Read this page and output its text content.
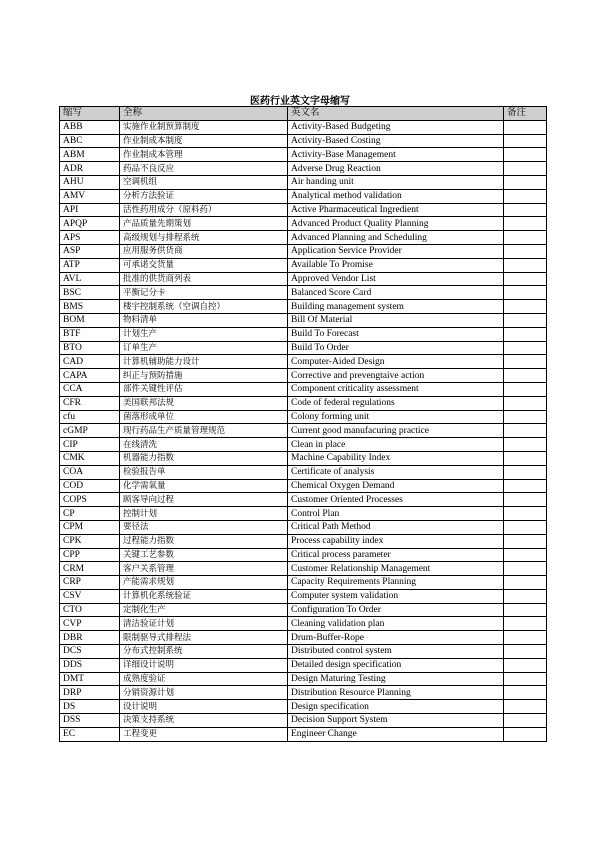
医药行业英文字母缩写
缩写	全称	英文名	备注
ABB	实施作业制预算制度	Activity-Based Budgeting	
ABC	作业制成本制度	Activity-Based Costing	
ABM	作业制成本管理	Activity-Base Management	
ADR	药品不良反应	Adverse Drug Reaction	
AHU	空调机组	Air handing unit	
AMV	分析方法验证	Analytical method validation	
API	活性药用成分（原料药）	Active Pharmaceutical Ingredient	
APQP	产品质量先期策划	Advanced Product Quality Planning	
APS	高级规划与排程系统	Advanced Planning and Scheduling	
ASP	应用服务供货商	Application Service Provider	
ATP	可承诺交货量	Available To Promise	
AVL	批准的供货商列表	Approved Vendor List	
BSC	平衡记分卡	Balanced Score Card	
BMS	楼宇控制系统（空调自控）	Building management system	
BOM	物料清单	Bill Of Material	
BTF	计划生产	Build To Forecast	
BTO	订单生产	Build To Order	
CAD	计算机辅助能力设计	Computer-Aided Design	
CAPA	纠正与预防措施	Corrective and prevengtaive action	
CCA	部件关键性评估	Component criticality assessment	
CFR	美国联邦法规	Code of federal regulations	
cfu	菌落形成单位	Colony forming unit	
cGMP	现行药品生产质量管理规范	Current good manufacuring practice	
CIP	在线清洗	Clean in place	
CMK	机器能力指数	Machine Capability Index	
COA	检验报告单	Certificate of analysis	
COD	化学需氧量	Chemical Oxygen Demand	
COPS	顾客导向过程	Customer Oriented Processes	
CP	控制计划	Control Plan	
CPM	要径法	Critical Path Method	
CPK	过程能力指数	Process capability index	
CPP	关键工艺参数	Critical process parameter	
CRM	客户关系管理	Customer Relationship Management	
CRP	产能需求规划	Capacity Requirements Planning	
CSV	计算机化系统验证	Computer system validation	
CTO	定制化生产	Configuration To Order	
CVP	清洁验证计划	Cleaning validation plan	
DBR	限制驱导式排程法	Drum-Buffer-Rope	
DCS	分布式控制系统	Distributed control system	
DDS	详细设计说明	Detailed design specification	
DMT	成熟度验证	Design Maturing Testing	
DRP	分销资源计划	Distribution Resource Planning	
DS	设计说明	Design specification	
DSS	决策支持系统	Decision Support System	
EC	工程变更	Engineer Change	
